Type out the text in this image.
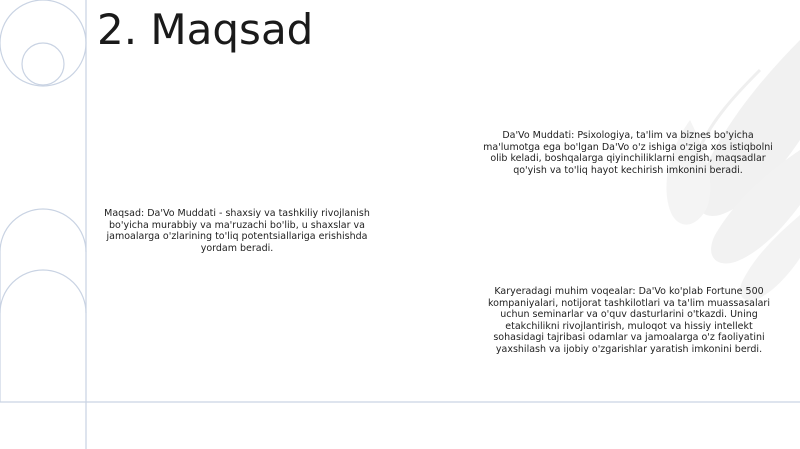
2. Maqsad

Maqsad: Da'Vo Muddati - shaxsiy va tashkiliy rivojlanish bo'yicha murabbiy va ma'ruzachi bo'lib, u shaxslar va jamoalarga o'zlarining to'liq potentsiallariga erishishda yordam beradi.

Da'Vo Muddati: Psixologiya, ta'lim va biznes bo'yicha ma'lumotga ega bo'lgan Da'Vo o'z ishiga o'ziga xos istiqbolni olib keladi, boshqalarga qiyinchiliklarni engish, maqsadlar qo'yish va to'liq hayot kechirish imkonini beradi.

Karyeradagi muhim voqealar: Da'Vo ko'plab Fortune 500 kompaniyalari, notijorat tashkilotlari va ta'lim muassasalari uchun seminarlar va o'quv dasturlarini o'tkazdi. Uning etakchilikni rivojlantirish, muloqot va hissiy intellekt sohasidagi tajribasi odamlar va jamoalarga o'z faoliyatini yaxshilash va ijobiy o'zgarishlar yaratish imkonini berdi.
